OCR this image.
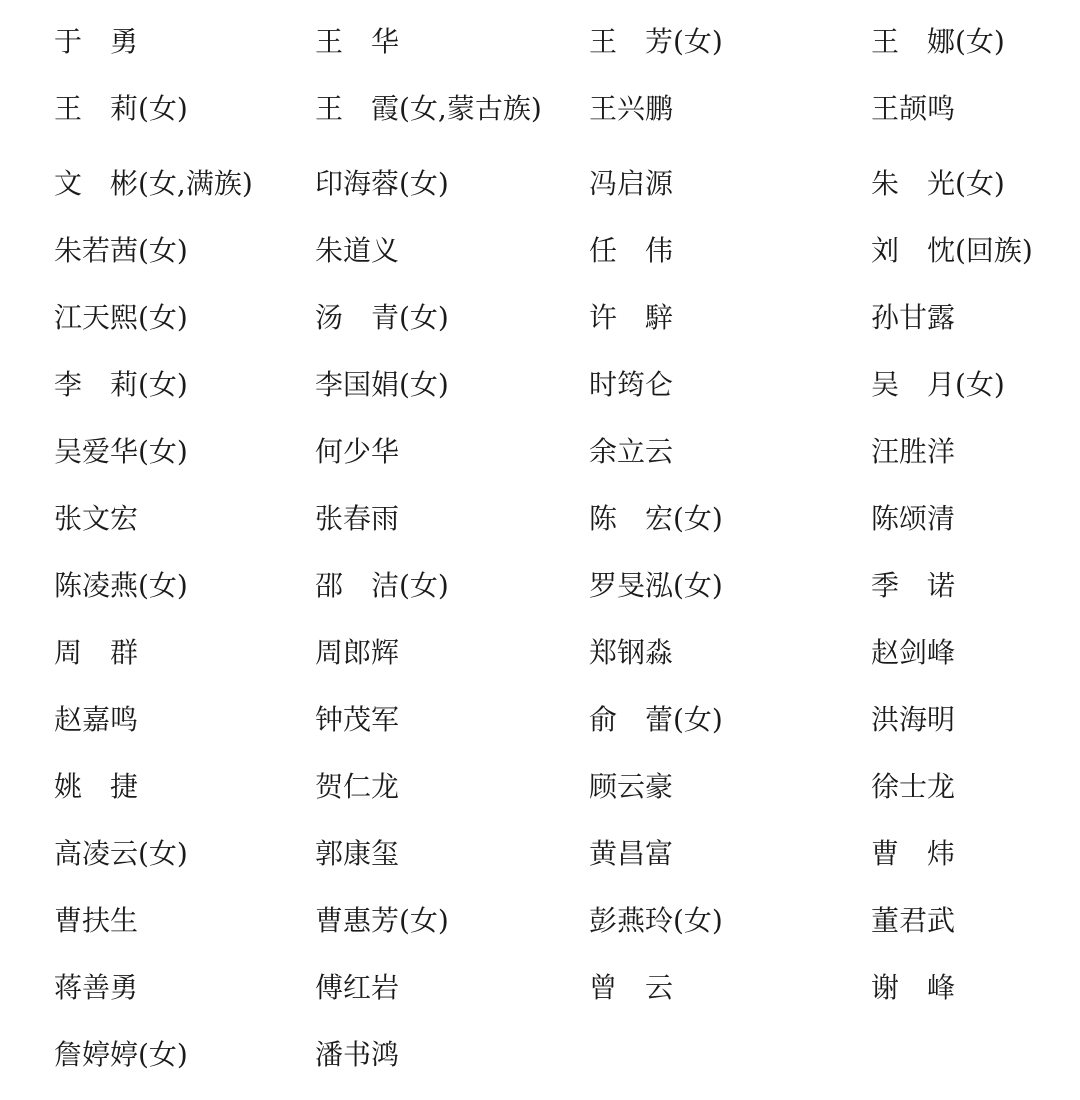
于　勇	王　华	王　芳(女)	王　娜(女)
王　莉(女)	王　霞(女,蒙古族)	王兴鹏	王颉鸣
文　彬(女,满族)	印海蓉(女)	冯启源	朱　光(女)
朱若茜(女)	朱道义	任　伟	刘　忱(回族)
江天熙(女)	汤　青(女)	许　騂	孙甘露
李　莉(女)	李国娟(女)	时筠仑	吴　月(女)
吴爱华(女)	何少华	余立云	汪胜洋
张文宏	张春雨	陈　宏(女)	陈颂清
陈凌燕(女)	邵　洁(女)	罗旻泓(女)	季　诺
周　群	周郎辉	郑钢淼	赵剑峰
赵嘉鸣	钟茂军	俞　蕾(女)	洪海明
姚　捷	贺仁龙	顾云豪	徐士龙
高凌云(女)	郭康玺	黄昌富	曹　炜
曹扶生	曹惠芳(女)	彭燕玲(女)	董君武
蒋善勇	傅红岩	曾　云	谢　峰
詹婷婷(女)	潘书鸿
